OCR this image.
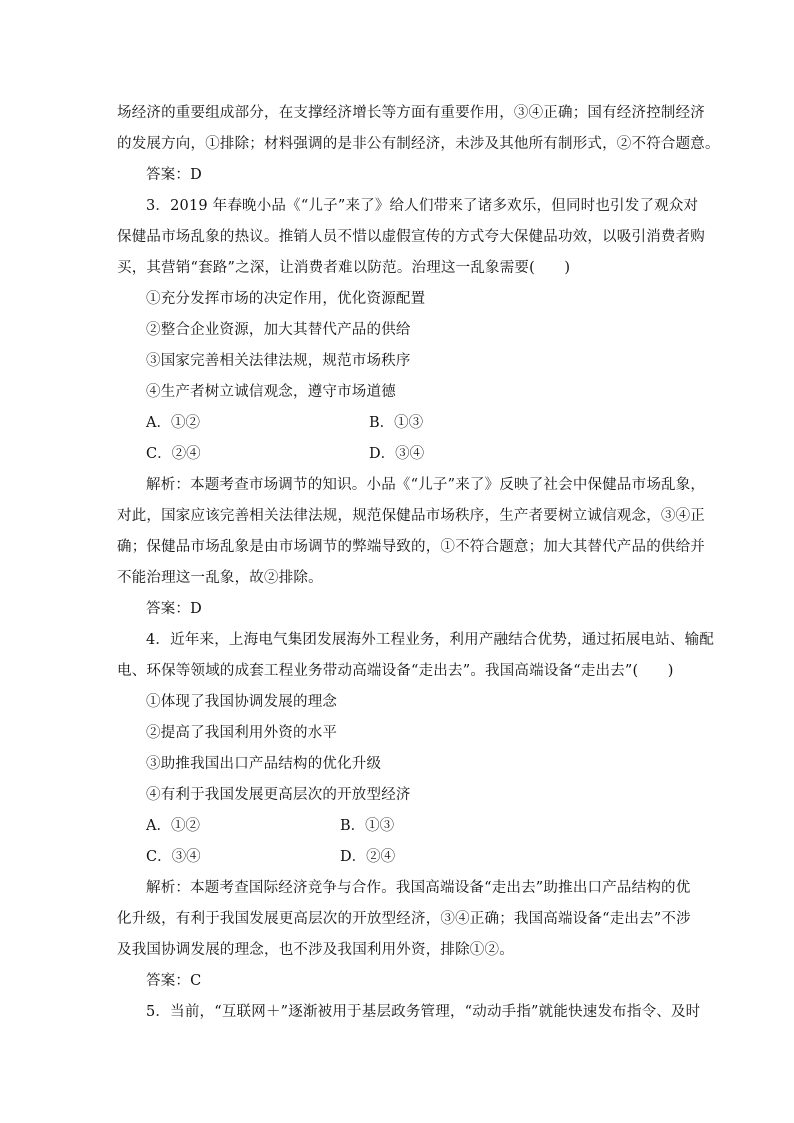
场经济的重要组成部分，在支撑经济增长等方面有重要作用，③④正确；国有经济控制经济
的发展方向，①排除；材料强调的是非公有制经济，未涉及其他所有制形式，②不符合题意。
答案：D
3．2019 年春晚小品《“儿子”来了》给人们带来了诸多欢乐，但同时也引发了观众对
保健品市场乱象的热议。推销人员不惜以虚假宣传的方式夸大保健品功效，以吸引消费者购
买，其营销“套路”之深，让消费者难以防范。治理这一乱象需要(　　)
①充分发挥市场的决定作用，优化资源配置
②整合企业资源，加大其替代产品的供给
③国家完善相关法律法规，规范市场秩序
④生产者树立诚信观念，遵守市场道德
A．①②	B．①③
C．②④	D．③④
解析：本题考查市场调节的知识。小品《“儿子”来了》反映了社会中保健品市场乱象，
对此，国家应该完善相关法律法规，规范保健品市场秩序，生产者要树立诚信观念，③④正
确；保健品市场乱象是由市场调节的弊端导致的，①不符合题意；加大其替代产品的供给并
不能治理这一乱象，故②排除。
答案：D
4．近年来，上海电气集团发展海外工程业务，利用产融结合优势，通过拓展电站、输配
电、环保等领域的成套工程业务带动高端设备“走出去”。我国高端设备“走出去”(　　)
①体现了我国协调发展的理念
②提高了我国利用外资的水平
③助推我国出口产品结构的优化升级
④有利于我国发展更高层次的开放型经济
A．①②	B．①③
C．③④	D．②④
解析：本题考查国际经济竞争与合作。我国高端设备“走出去”助推出口产品结构的优
化升级，有利于我国发展更高层次的开放型经济，③④正确；我国高端设备“走出去”不涉
及我国协调发展的理念，也不涉及我国利用外资，排除①②。
答案：C
5．当前，“互联网＋”逐渐被用于基层政务管理，“动动手指”就能快速发布指令、及时
